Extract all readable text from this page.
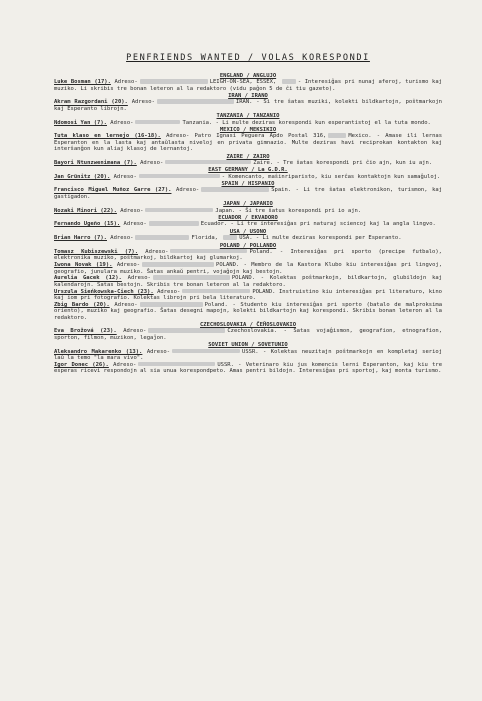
PENFRIENDS WANTED / VOLAS KORESPONDI
ENGLAND / ANGLUJO
Luke Bosman (17). Adreso-	LEIGH-ON-SEA, ESSEX,	- Interesiĝas pri nunaj aferoj, turismo kaj muziko. Li skribis tre bonan leteron al la redaktoro (vidu paĝon 5 de ĉi tiu gazeto).
IRAN / IRANO
Akram Razgordani (20). Adreso-	IRAN. - Ŝi tre ŝatas muziki, kolekti bildkartojn, poŝtmarkojn kaj Esperanto librojn.
TANZANIA / TANZANIO
Ndomosi Yan (7). Adreso-	Tanzania. - Li multe deziras korespondi kun esperantistoj el la tuta mondo.
MEXICO / MEKSIKIO
Tuta klaso en lernejo (16-18). Adreso- Patro Ignasi Peguera Apdo Postal 316,	Mexico. - Amase ili lernas Esperanton en la lasta kaj antaŭlasta niveloj en privata gimnazio. Multe deziras havi reciprokan kontakton kaj interŝanĝon kun aliaj klasoj de lernantoj.
ZAIRE / ZAIRO
Bayori Ntunzwenimana (7). Adreso-	Zaire. - Tre ŝatas korespondi pri ĉio ajn, kun iu ajn.
EAST GERMANY / La G.D.R.
Jan Grünitz (20). Adreso-	- Komencanto, maŝinriparisto, kiu serĉas kontaktojn kun samaĝuloj.
SPAIN / HISPANIO
Francisco Miguel Muñoz Garre (27). Adreso-	Spain. - Li tre ŝatas elektronikon, turismon, kaj gastigadon.
JAPAN / JAPANIO
Nozaki Minori (22). Adreso-	Japan. - Ŝi tre ŝatus korespondi pri io ajn.
ECUADOR / EKVADORO
Fernando Ugeño (15). Adreso-	Ecuador. - Li tre interesiĝas pri naturaj sciencoj kaj la angla lingvo.
USA / USONO
Brian Harro (7). Adreso-	Florida,	USA. - Li multe deziras korespondi per Esperanto.
POLAND / POLLANDO
Tomasz Kubiszewski (7). Adreso-	Poland. - Interesiĝas pri sporto (precipe futbalo), elektronika muziko, poŝtmarkoj, bildkartoj kaj glumarkoj.
Iwona Novak (19). Adreso-	POLAND. - Membro de la Kastora Klubo kiu interesiĝas pri lingvoj, geografio, junulara muziko. Ŝatas ankaŭ pentri, vojaĝojn kaj bestojn.
Aurelia Gacek (12). Adreso-	POLAND. - Kolektas poŝtmarkojn, bildkartojn, glubildojn kaj kalendarojn. Ŝatas bestojn. Skribis tre bonan leteron al la redaktoro.
Urszula Sieńkowska-Ciech (23). Adreso-	POLAND. Instruistino kiu interesiĝas pri literaturo, kino kaj iom pri fotografio. Kolektas librojn pri bela literaturo.
Zbig Bardo (20). Adreso-	Poland. - Studento kiu interesiĝas pri sporto (batalo de malproksima oriento), muziko kaj geografio. Ŝatas desegni mapojn, kolekti bildkartojn kaj korespondi. Skribis bonan leteron al la redaktoro.
CZECHOSLOVAKIA / ĈEĤOSLOVAKIO
Eva Brožová (23). Adreso-	Czechoslovakia. - Ŝatas vojaĝismon, geografion, etnografion, sporton, filmon, muzikon, legaĵon.
SOVIET UNION / SOVETUNIO
Aleksandro Makarenko (13). Adreso-	USSR. - Kolektas neuzitajn poŝtmarkojn en kompletaj serioj laŭ la temo "la mara vivo".
Igor Donec (26). Adreso-	USSR. - Veterinaro kiu jus komencis lerni Esperanton, kaj kiu tre esperas ricevi respondojn al sia unua korespondpeto. Amas pentri bildojn. Interesiĝas pri sportoj, kaj monta turismo.
